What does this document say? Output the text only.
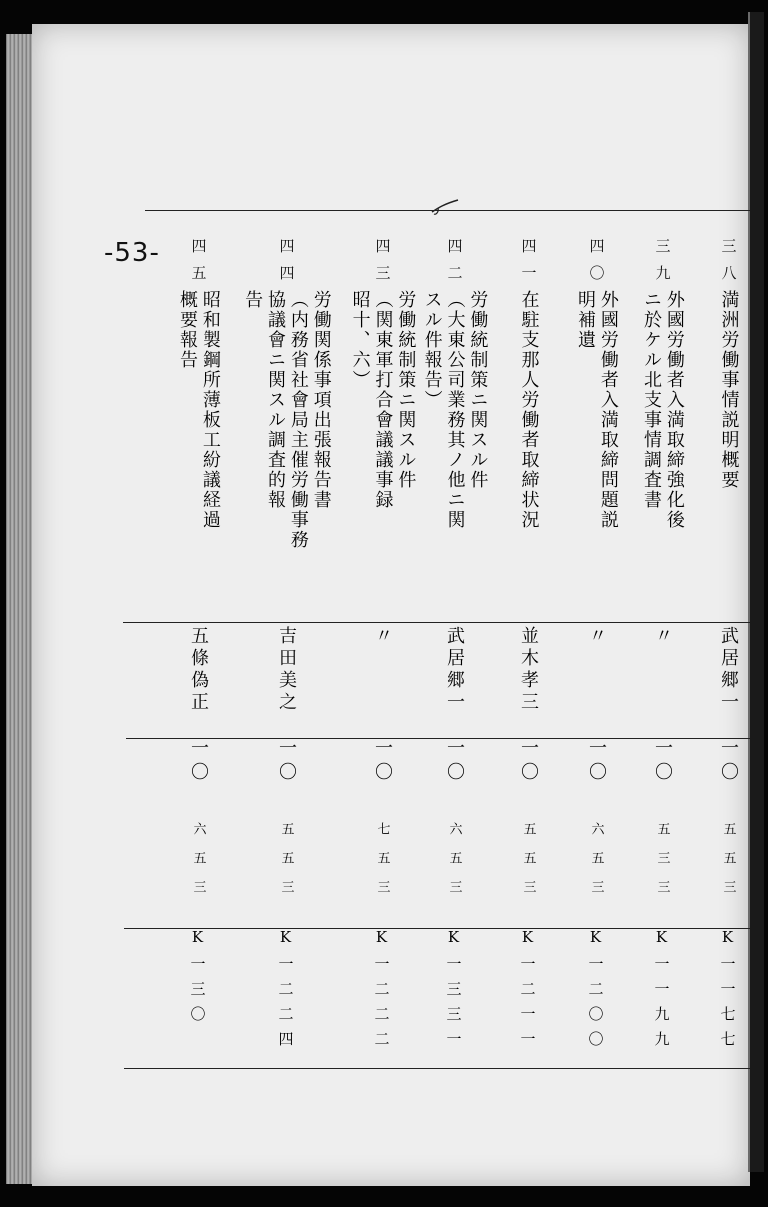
-53-	三
八
満洲労働事情説明概要
武居郷一
一〇
五五三
K一一七七
三
九
外國労働者入満取締強化後
ニ於ケル北支事情調査書
〃
一〇
五三三
K一一九九
四
〇
外國労働者入満取締問題説
明補遺
〃
一〇
六五三
K一二〇〇
四
一
在駐支那人労働者取締状況
並木孝三
一〇
五五三
K一二一一
四
二
労働統制策ニ関スル件
（大東公司業務其ノ他ニ関
スル件報告）
武居郷一
一〇
六五三
K一三三一
四
三
労働統制策ニ関スル件
（関東軍打合會議議事録
昭十、六）
〃
一〇
七五三
K一二二二
四
四
労働関係事項出張報告書
（内務省社會局主催労働事務
協議會ニ関スル調査的報
告
吉田美之
一〇
五五三
K一二二四
四
五
昭和製鋼所薄板工紛議経過
概要報告
五條偽正
一〇
六五三
K一三〇
